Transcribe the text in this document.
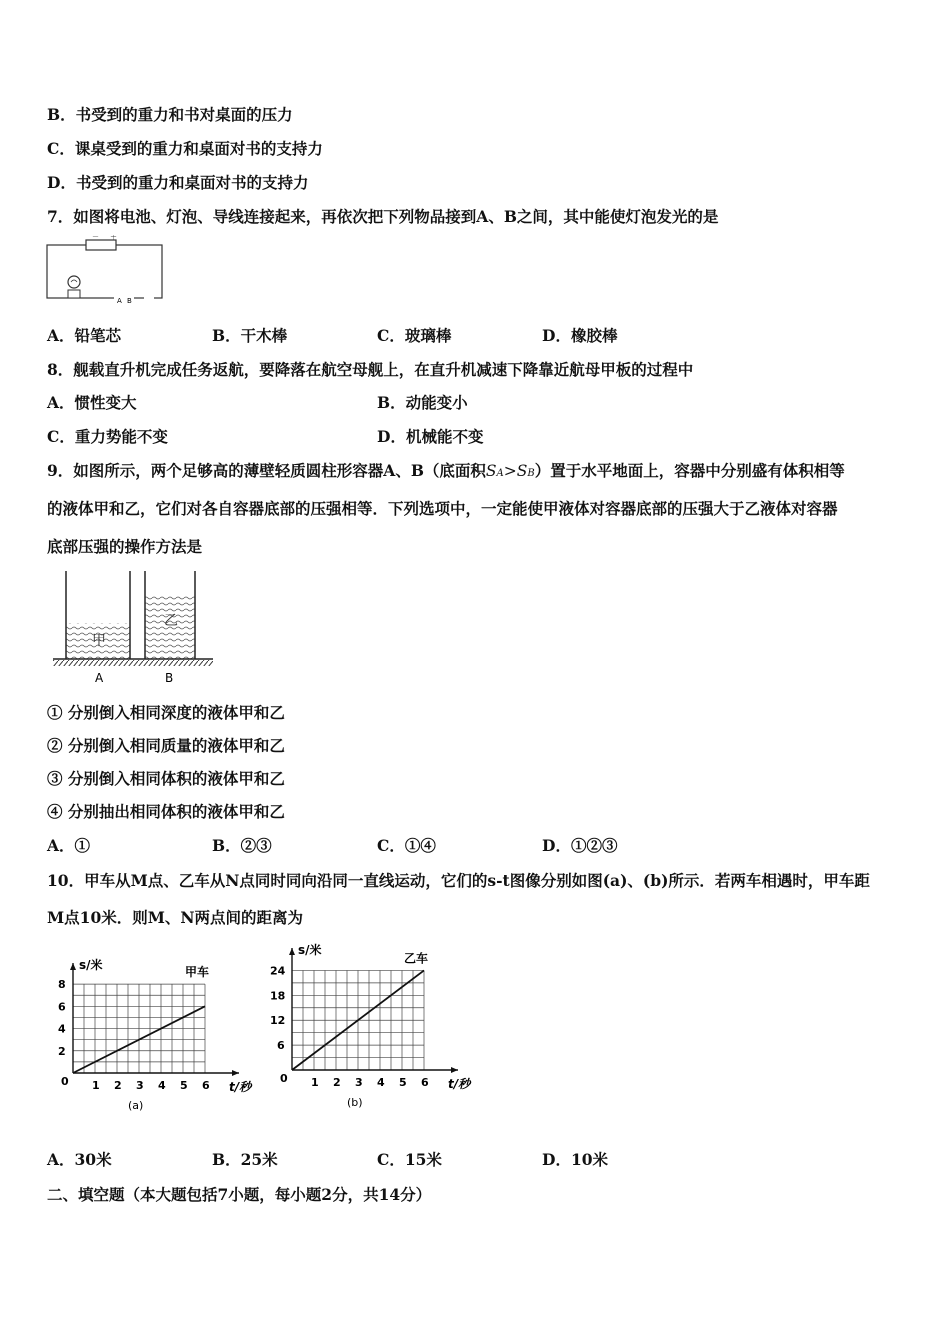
B．书受到的重力和书对桌面的压力
C．课桌受到的重力和桌面对书的支持力
D．书受到的重力和桌面对书的支持力
7．如图将电池、灯泡、导线连接起来，再依次把下列物品接到A、B之间，其中能使灯泡发光的是
－ ＋
A B
A．铅笔芯	B．干木棒	C．玻璃棒	D．橡胶棒
8．舰载直升机完成任务返航，要降落在航空母舰上，在直升机减速下降靠近航母甲板的过程中
A．惯性变大	B．动能变小
C．重力势能不变	D．机械能不变
9．如图所示，两个足够高的薄壁轻质圆柱形容器A、B（底面积SA>SB）置于水平地面上，容器中分别盛有体积相等
的液体甲和乙，它们对各自容器底部的压强相等．下列选项中，一定能使甲液体对容器底部的压强大于乙液体对容器
底部压强的操作方法是
甲
乙
A	B
① 分别倒入相同深度的液体甲和乙
② 分别倒入相同质量的液体甲和乙
③ 分别倒入相同体积的液体甲和乙
④ 分别抽出相同体积的液体甲和乙
A．①	B．②③	C．①④	D．①②③
10．甲车从M点、乙车从N点同时同向沿同一直线运动，它们的s-t图像分别如图(a)、(b)所示．若两车相遇时，甲车距
M点10米．则M、N两点间的距离为
1 2 3 4 5 6
2
4
6
8
0
s/米
t/秒
甲车
(a)
1 2 3 4 5 6
6
12
18
24
0
s/米
t/秒
乙车
(b)
A．30米	B．25米	C．15米	D．10米
二、填空题（本大题包括7小题，每小题2分，共14分）
